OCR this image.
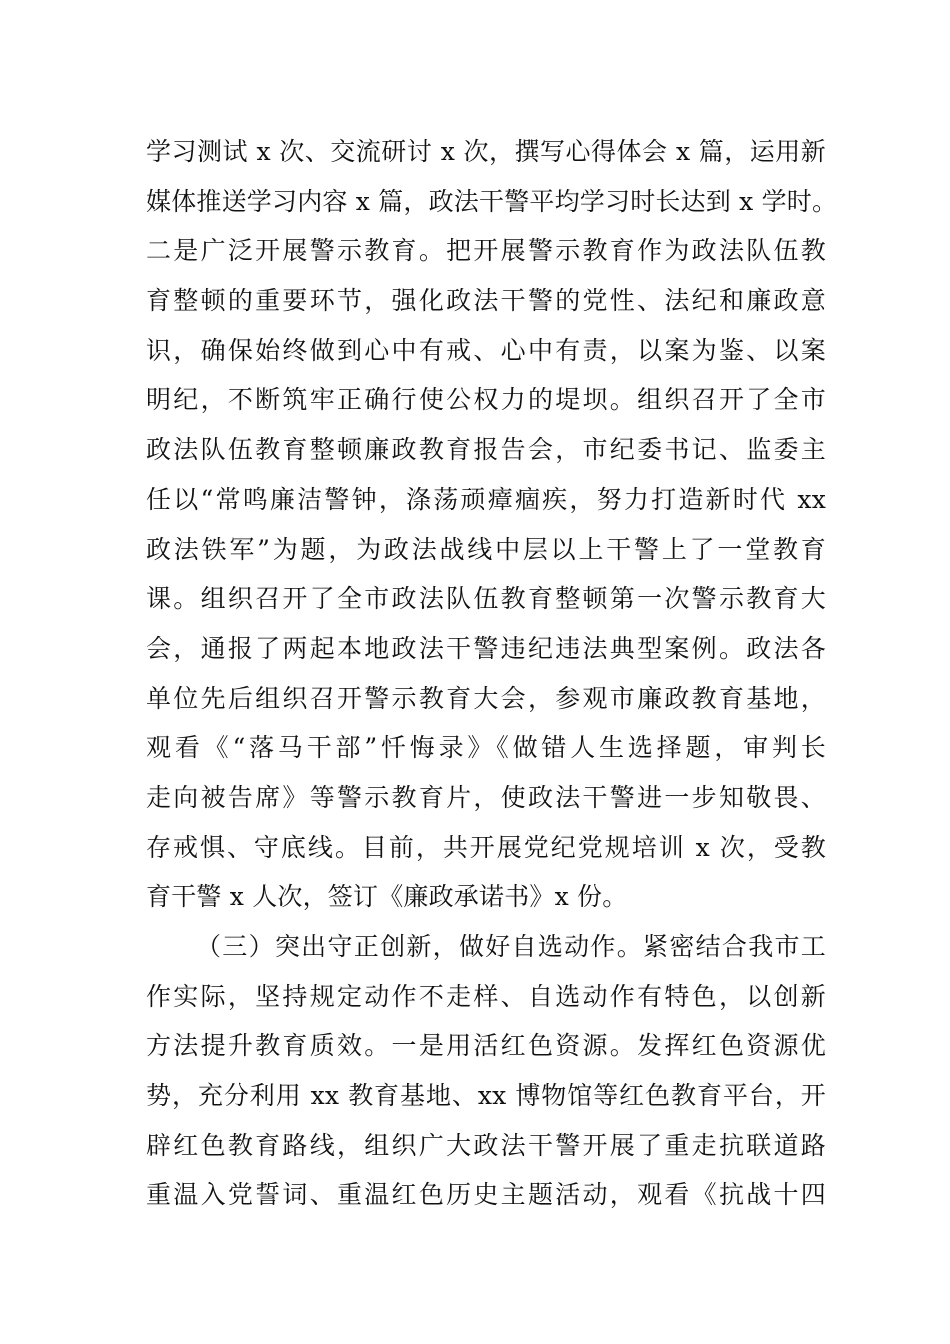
学习测试 x 次、交流研讨 x 次，撰写心得体会 x 篇，运用新
媒体推送学习内容 x 篇，政法干警平均学习时长达到 x 学时。
二是广泛开展警示教育。把开展警示教育作为政法队伍教
育整顿的重要环节，强化政法干警的党性、法纪和廉政意
识，确保始终做到心中有戒、心中有责，以案为鉴、以案
明纪，不断筑牢正确行使公权力的堤坝。组织召开了全市
政法队伍教育整顿廉政教育报告会，市纪委书记、监委主
任以“常鸣廉洁警钟，涤荡顽瘴痼疾，努力打造新时代 xx
政法铁军”为题，为政法战线中层以上干警上了一堂教育
课。组织召开了全市政法队伍教育整顿第一次警示教育大
会，通报了两起本地政法干警违纪违法典型案例。政法各
单位先后组织召开警示教育大会，参观市廉政教育基地，
观看《“落马干部”忏悔录》《做错人生选择题，审判长
走向被告席》等警示教育片，使政法干警进一步知敬畏、
存戒惧、守底线。目前，共开展党纪党规培训 x 次，受教
育干警 x 人次，签订《廉政承诺书》x 份。
（三）突出守正创新，做好自选动作。紧密结合我市工
作实际，坚持规定动作不走样、自选动作有特色，以创新
方法提升教育质效。一是用活红色资源。发挥红色资源优
势，充分利用 xx 教育基地、xx 博物馆等红色教育平台，开
辟红色教育路线，组织广大政法干警开展了重走抗联道路
重温入党誓词、重温红色历史主题活动，观看《抗战十四
